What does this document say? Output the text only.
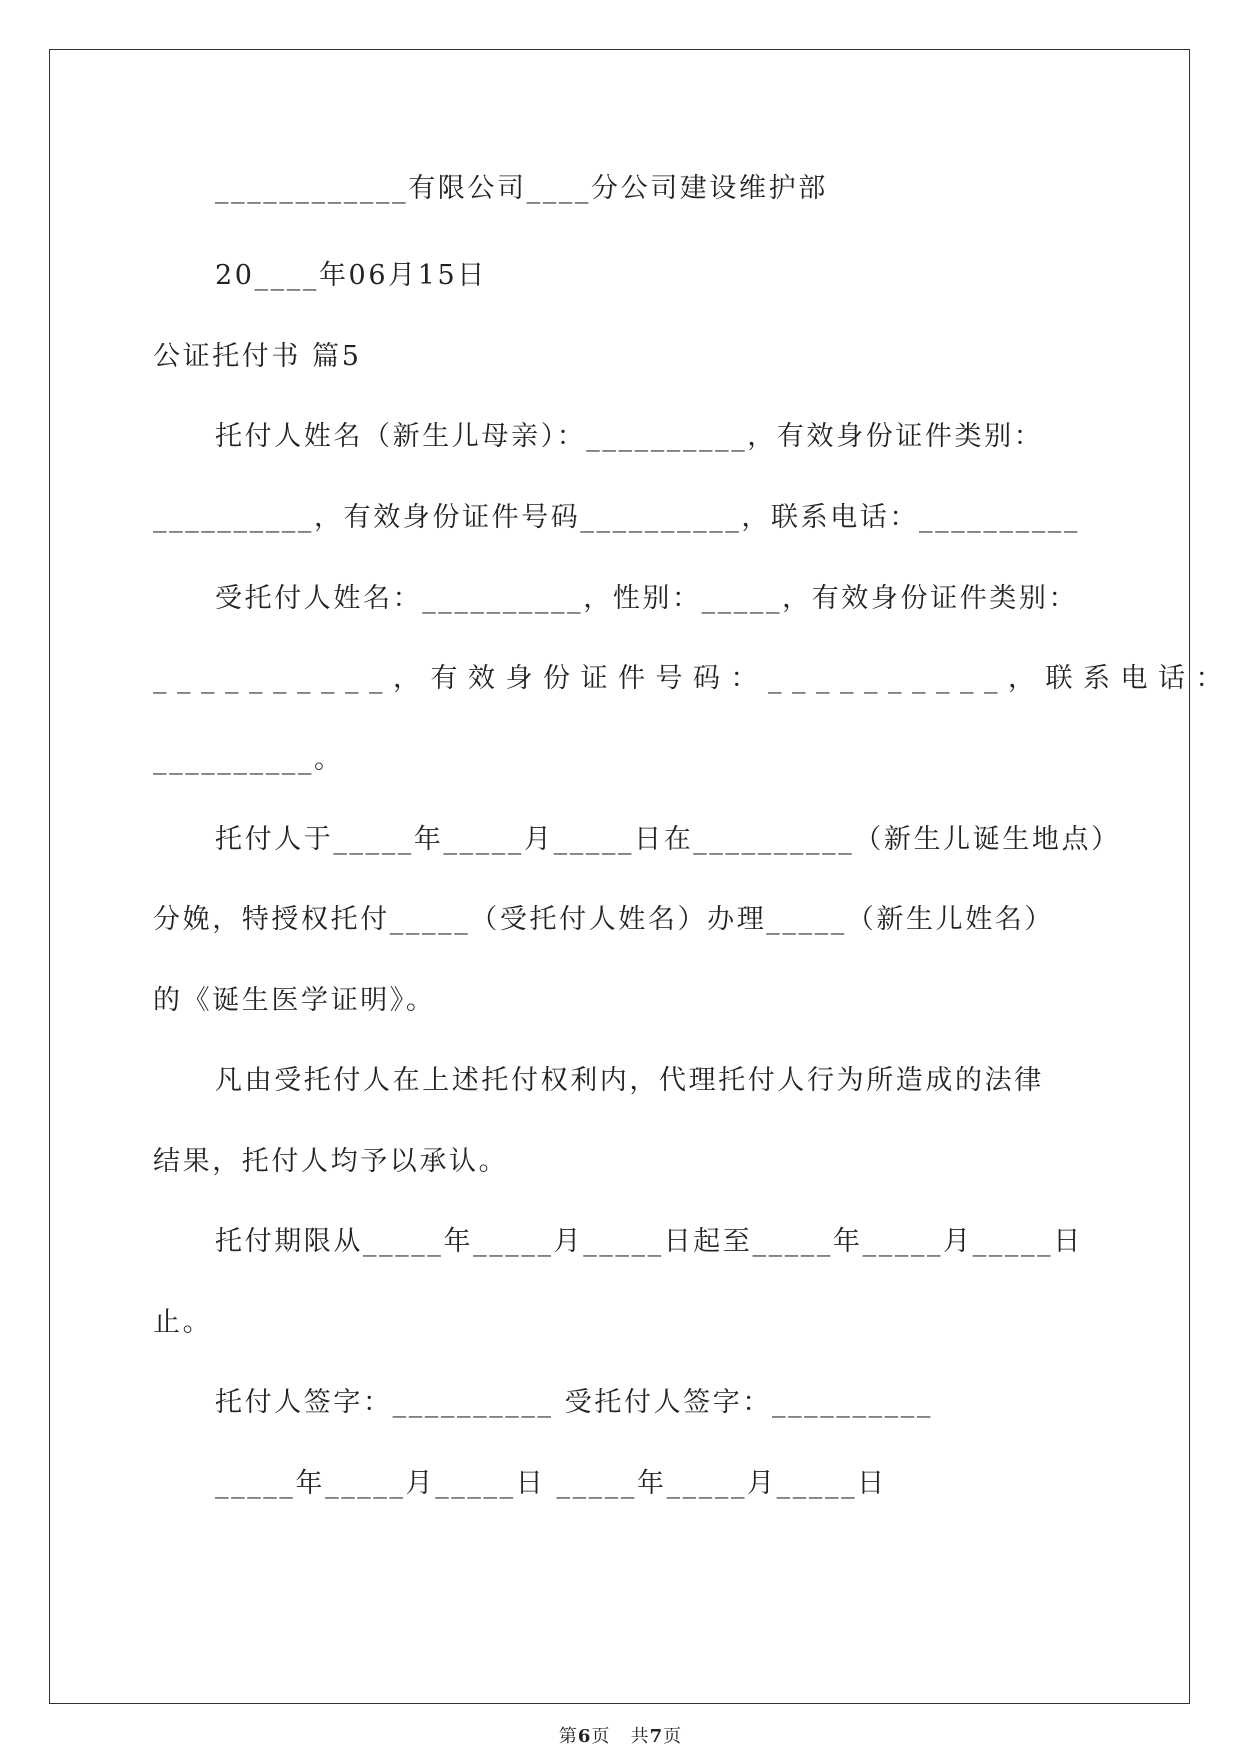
____________有限公司____分公司建设维护部
20____年06月15日
公证托付书 篇5
托付人姓名（新生儿母亲）：__________，有效身份证件类别：
__________，有效身份证件号码__________，联系电话：__________
受托付人姓名：__________，性别：_____，有效身份证件类别：
__________，有效身份证件号码：__________，联系电话：
__________。
托付人于_____年_____月_____日在__________（新生儿诞生地点）
分娩，特授权托付_____（受托付人姓名）办理_____（新生儿姓名）
的《诞生医学证明》。
凡由受托付人在上述托付权利内，代理托付人行为所造成的法律
结果，托付人均予以承认。
托付期限从_____年_____月_____日起至_____年_____月_____日
止。
托付人签字：__________ 受托付人签字：__________
_____年_____月_____日 _____年_____月_____日
第6页   共7页
